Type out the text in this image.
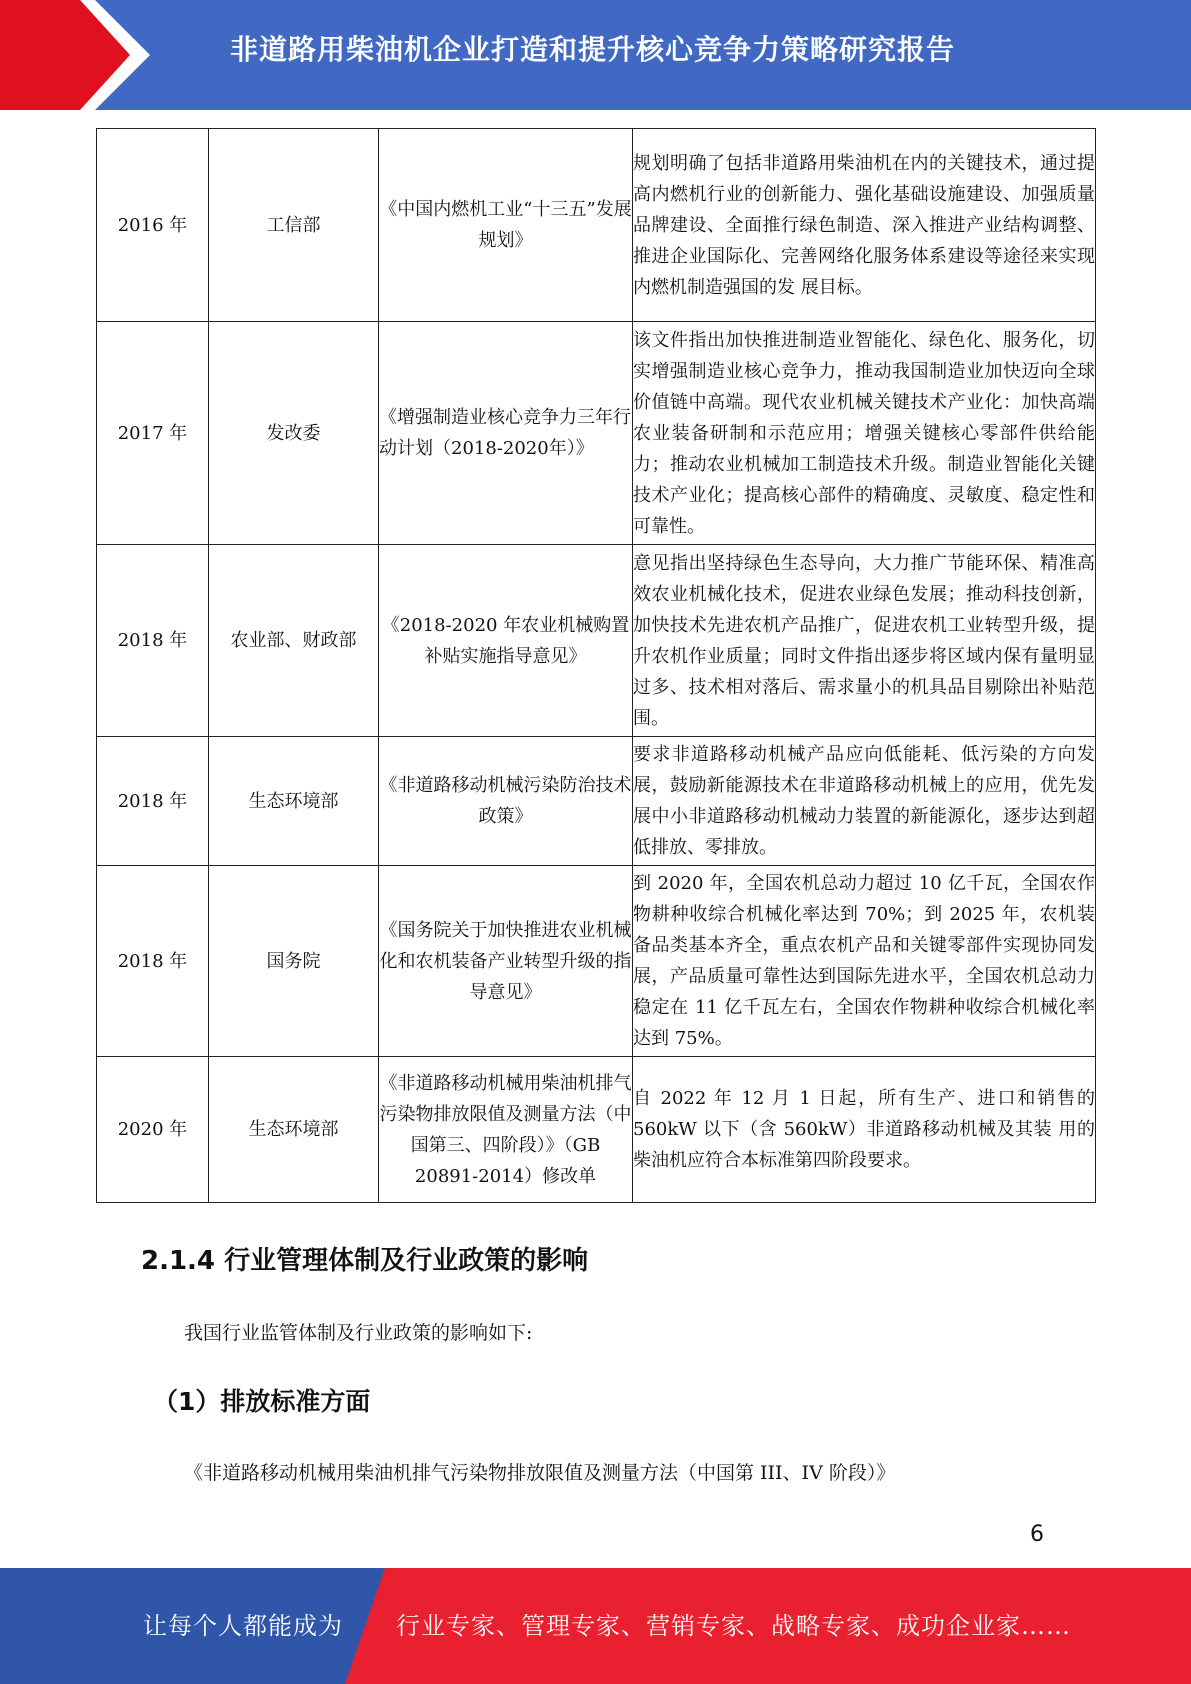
非道路用柴油机企业打造和提升核心竞争力策略研究报告
2016 年	工信部	《中国内燃机工业“十三五”发展规划》	规划明确了包括非道路用柴油机在内的关键技术，通过提高内燃机行业的创新能力、强化基础设施建设、加强质量品牌建设、全面推行绿色制造、深入推进产业结构调整、推进企业国际化、完善网络化服务体系建设等途径来实现内燃机制造强国的发 展目标。
2017 年	发改委	《增强制造业核心竞争力三年行动计划（2018-2020年）》	该文件指出加快推进制造业智能化、绿色化、服务化，切实增强制造业核心竞争力，推动我国制造业加快迈向全球价值链中高端。现代农业机械关键技术产业化：加快高端农业装备研制和示范应用；增强关键核心零部件供给能力；推动农业机械加工制造技术升级。制造业智能化关键技术产业化；提高核心部件的精确度、灵敏度、稳定性和可靠性。
2018 年	农业部、财政部	《2018-2020 年农业机械购置补贴实施指导意见》	意见指出坚持绿色生态导向，大力推广节能环保、精准高效农业机械化技术，促进农业绿色发展；推动科技创新，加快技术先进农机产品推广，促进农机工业转型升级，提升农机作业质量；同时文件指出逐步将区域内保有量明显过多、技术相对落后、需求量小的机具品目剔除出补贴范围。
2018 年	生态环境部	《非道路移动机械污染防治技术政策》	要求非道路移动机械产品应向低能耗、低污染的方向发展，鼓励新能源技术在非道路移动机械上的应用，优先发展中小非道路移动机械动力装置的新能源化，逐步达到超低排放、零排放。
2018 年	国务院	《国务院关于加快推进农业机械化和农机装备产业转型升级的指导意见》	到 2020 年，全国农机总动力超过 10 亿千瓦，全国农作物耕种收综合机械化率达到 70%；到 2025 年，农机装备品类基本齐全，重点农机产品和关键零部件实现协同发展，产品质量可靠性达到国际先进水平，全国农机总动力稳定在 11 亿千瓦左右，全国农作物耕种收综合机械化率达到 75%。
2020 年	生态环境部	《非道路移动机械用柴油机排气污染物排放限值及测量方法（中国第三、四阶段）》（GB 20891-2014）修改单	自 2022 年 12 月 1 日起，所有生产、进口和销售的 560kW 以下（含 560kW）非道路移动机械及其装 用的柴油机应符合本标准第四阶段要求。
2.1.4 行业管理体制及行业政策的影响
我国行业监管体制及行业政策的影响如下:
（1）排放标准方面
《非道路移动机械用柴油机排气污染物排放限值及测量方法（中国第 III、IV 阶段）》
6
让每个人都能成为 行业专家、管理专家、营销专家、战略专家、成功企业家……
